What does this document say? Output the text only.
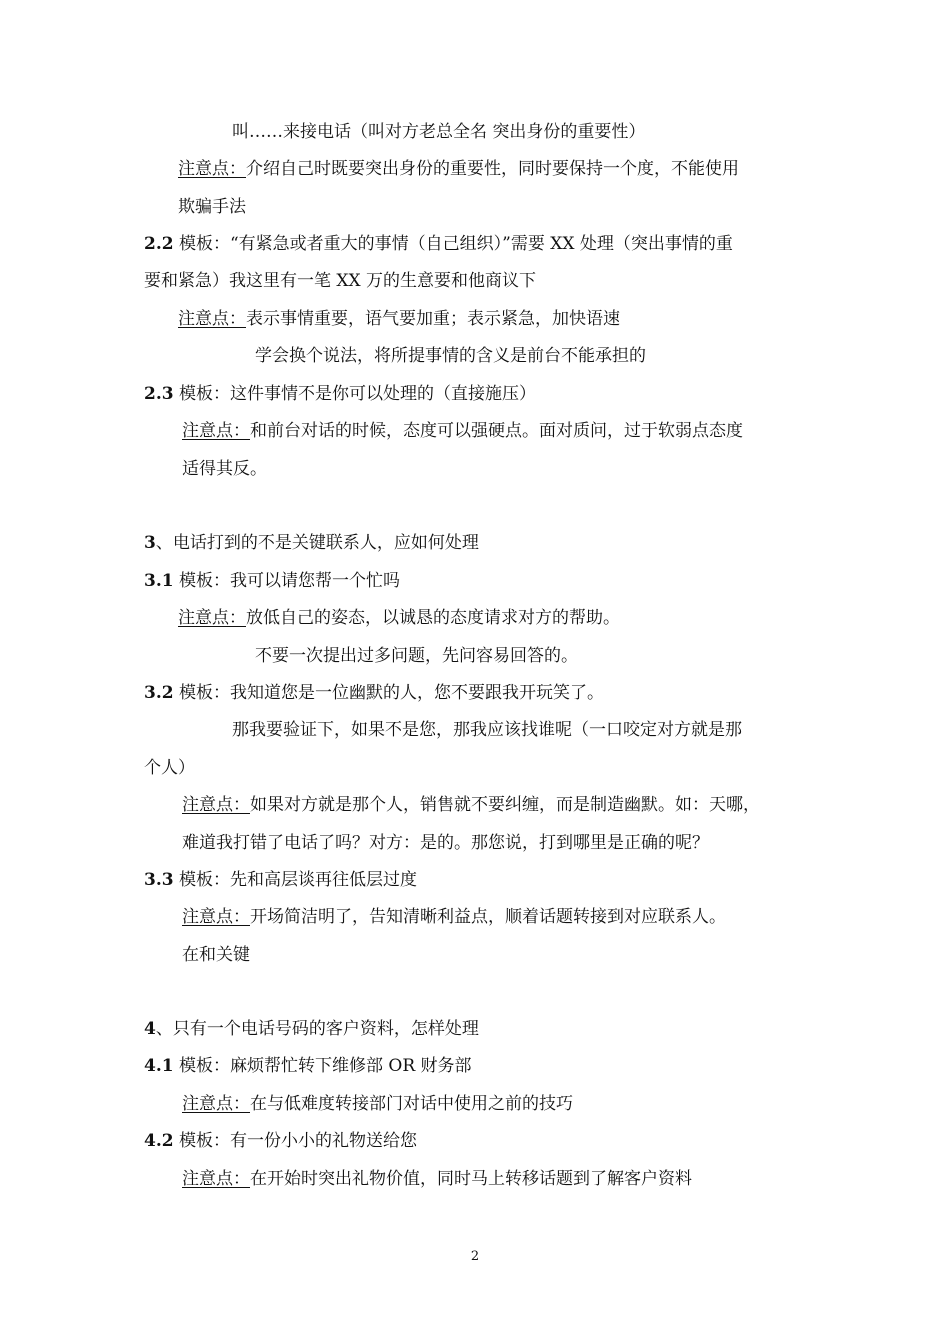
叫……来接电话（叫对方老总全名 突出身份的重要性）
注意点：介绍自己时既要突出身份的重要性，同时要保持一个度，不能使用
欺骗手法
2.2 模板：“有紧急或者重大的事情（自己组织）”需要 XX 处理（突出事情的重
要和紧急）我这里有一笔 XX 万的生意要和他商议下
注意点：表示事情重要，语气要加重；表示紧急，加快语速
学会换个说法，将所提事情的含义是前台不能承担的
2.3 模板：这件事情不是你可以处理的（直接施压）
注意点：和前台对话的时候，态度可以强硬点。面对质问，过于软弱点态度
适得其反。
3、电话打到的不是关键联系人，应如何处理
3.1 模板：我可以请您帮一个忙吗
注意点：放低自己的姿态，以诚恳的态度请求对方的帮助。
不要一次提出过多问题，先问容易回答的。
3.2 模板：我知道您是一位幽默的人，您不要跟我开玩笑了。
那我要验证下，如果不是您，那我应该找谁呢（一口咬定对方就是那
个人）
注意点：如果对方就是那个人，销售就不要纠缠，而是制造幽默。如：天哪，
难道我打错了电话了吗？对方：是的。那您说，打到哪里是正确的呢？
3.3 模板：先和高层谈再往低层过度
注意点：开场简洁明了，告知清晰利益点，顺着话题转接到对应联系人。
在和关键
4、只有一个电话号码的客户资料，怎样处理
4.1 模板：麻烦帮忙转下维修部 OR 财务部
注意点：在与低难度转接部门对话中使用之前的技巧
4.2 模板：有一份小小的礼物送给您
注意点：在开始时突出礼物价值，同时马上转移话题到了解客户资料
2
